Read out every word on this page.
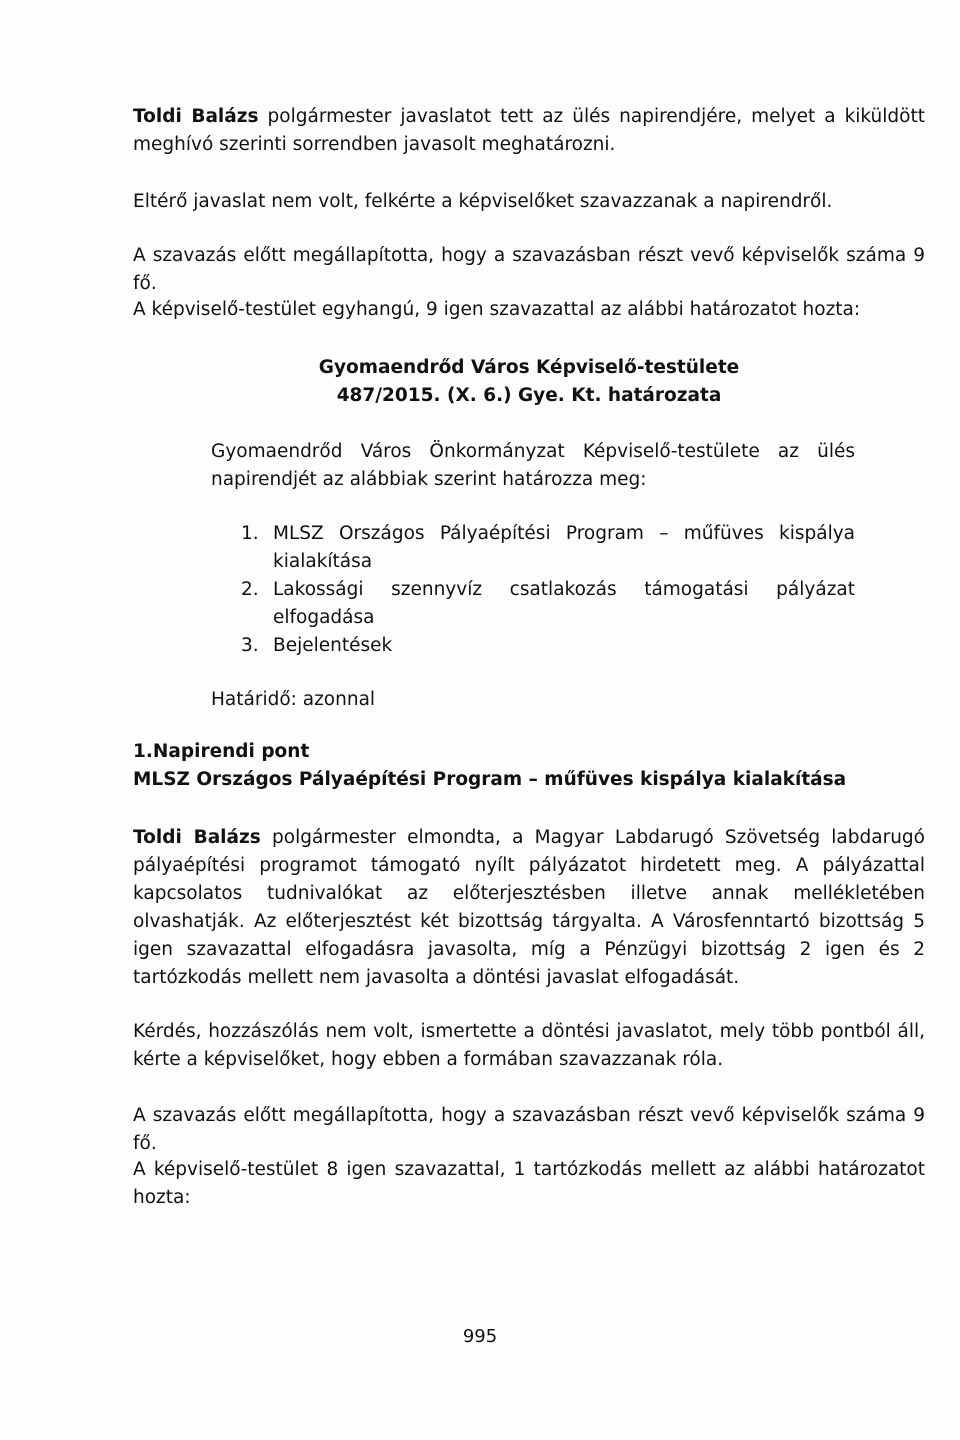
Toldi Balázs polgármester javaslatot tett az ülés napirendjére, melyet a kiküldött meghívó szerinti sorrendben javasolt meghatározni.

Eltérő javaslat nem volt, felkérte a képviselőket szavazzanak a napirendről.

A szavazás előtt megállapította, hogy a szavazásban részt vevő képviselők száma 9 fő.

A képviselő-testület egyhangú, 9 igen szavazattal az alábbi határozatot hozta:

Gyomaendrőd Város Képviselő-testülete

487/2015. (X. 6.) Gye. Kt. határozata

Gyomaendrőd Város Önkormányzat Képviselő-testülete az ülés napirendjét az alábbiak szerint határozza meg:

1. MLSZ Országos Pályaépítési Program – műfüves kispálya kialakítása
2. Lakossági szennyvíz csatlakozás támogatási pályázat elfogadása
3. Bejelentések

Határidő: azonnal

1.Napirendi pont

MLSZ Országos Pályaépítési Program – műfüves kispálya kialakítása

Toldi Balázs polgármester elmondta, a Magyar Labdarugó Szövetség labdarugó pályaépítési programot támogató nyílt pályázatot hirdetett meg. A pályázattal kapcsolatos tudnivalókat az előterjesztésben illetve annak mellékletében olvashatják. Az előterjesztést két bizottság tárgyalta. A Városfenntartó bizottság 5 igen szavazattal elfogadásra javasolta, míg a Pénzügyi bizottság 2 igen és 2 tartózkodás mellett nem javasolta a döntési javaslat elfogadását.

Kérdés, hozzászólás nem volt, ismertette a döntési javaslatot, mely több pontból áll, kérte a képviselőket, hogy ebben a formában szavazzanak róla.

A szavazás előtt megállapította, hogy a szavazásban részt vevő képviselők száma 9 fő.

A képviselő-testület 8 igen szavazattal, 1 tartózkodás mellett az alábbi határozatot hozta:

995
